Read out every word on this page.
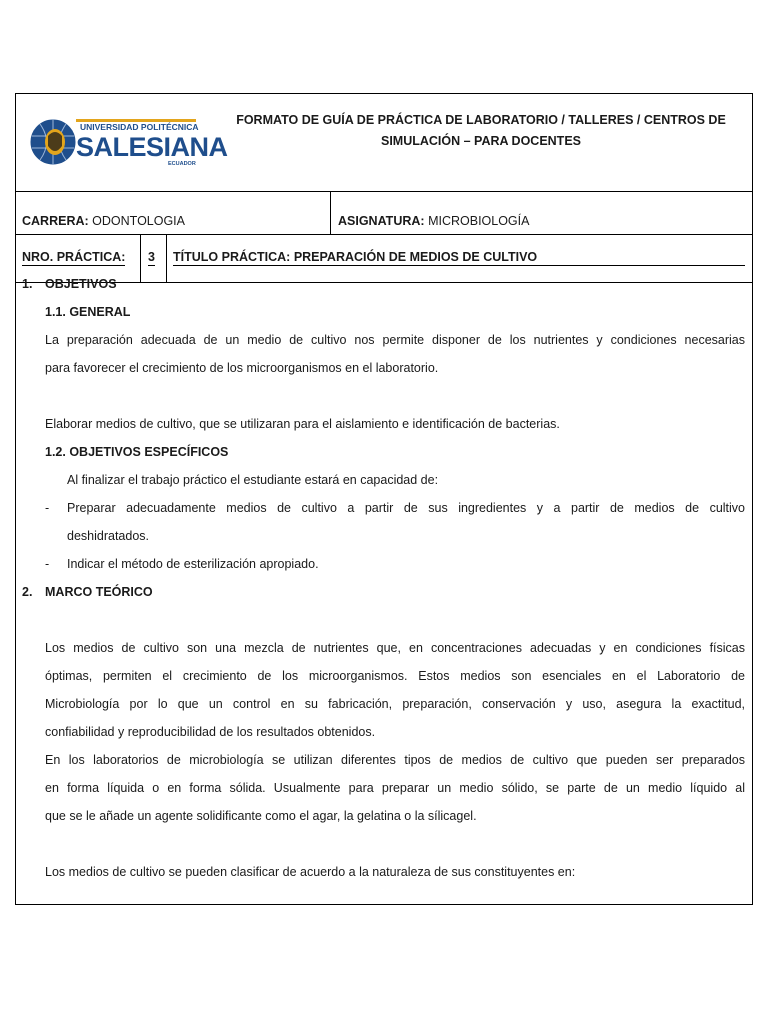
UNIVERSIDAD POLITÉCNICA
SALESIANA
ECUADOR
FORMATO DE GUÍA DE PRÁCTICA DE LABORATORIO / TALLERES / CENTROS DE
SIMULACIÓN – PARA DOCENTES
CARRERA: ODONTOLOGIA	ASIGNATURA: MICROBIOLOGÍA
NRO. PRÁCTICA: 3 TÍTULO PRÁCTICA: PREPARACIÓN DE MEDIOS DE CULTIVO
1. OBJETIVOS
1.1. GENERAL
La preparación adecuada de un medio de cultivo nos permite disponer de los nutrientes y condiciones necesarias
para favorecer el crecimiento de los microorganismos en el laboratorio.
Elaborar medios de cultivo, que se utilizaran para el aislamiento e identificación de bacterias.
1.2. OBJETIVOS ESPECÍFICOS
Al finalizar el trabajo práctico el estudiante estará en capacidad de:
- Preparar adecuadamente medios de cultivo a partir de sus ingredientes y a partir de medios de cultivo
deshidratados.
- Indicar el método de esterilización apropiado.
2. MARCO TEÓRICO
Los medios de cultivo son una mezcla de nutrientes que, en concentraciones adecuadas y en condiciones físicas
óptimas, permiten el crecimiento de los microorganismos. Estos medios son esenciales en el Laboratorio de
Microbiología por lo que un control en su fabricación, preparación, conservación y uso, asegura la exactitud,
confiabilidad y reproducibilidad de los resultados obtenidos.
En los laboratorios de microbiología se utilizan diferentes tipos de medios de cultivo que pueden ser preparados
en forma líquida o en forma sólida. Usualmente para preparar un medio sólido, se parte de un medio líquido al
que se le añade un agente solidificante como el agar, la gelatina o la sílicagel.
Los medios de cultivo se pueden clasificar de acuerdo a la naturaleza de sus constituyentes en:
